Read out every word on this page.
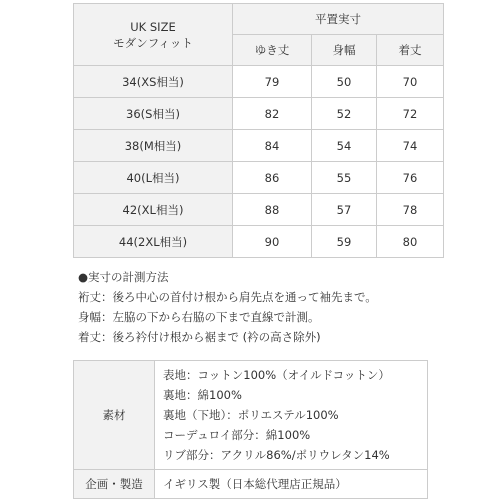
UK SIZE
モダンフィット	平置実寸		
	ゆき丈	身幅	着丈
34(XS相当)	79	50	70
36(S相当)	82	52	72
38(M相当)	84	54	74
40(L相当)	86	55	76
42(XL相当)	88	57	78
44(2XL相当)	90	59	80
●実寸の計測方法
裄丈：後ろ中心の首付け根から肩先点を通って袖先まで。
身幅：左脇の下から右脇の下まで直線で計測。
着丈：後ろ衿付け根から裾まで (衿の高さ除外)
素材	表地：コットン100%（オイルドコットン）
裏地：綿100%
裏地（下地）：ポリエステル100%
コーデュロイ部分：綿100%
リブ部分：アクリル86%/ポリウレタン14%

企画・製造	イギリス製（日本総代理店正規品）
